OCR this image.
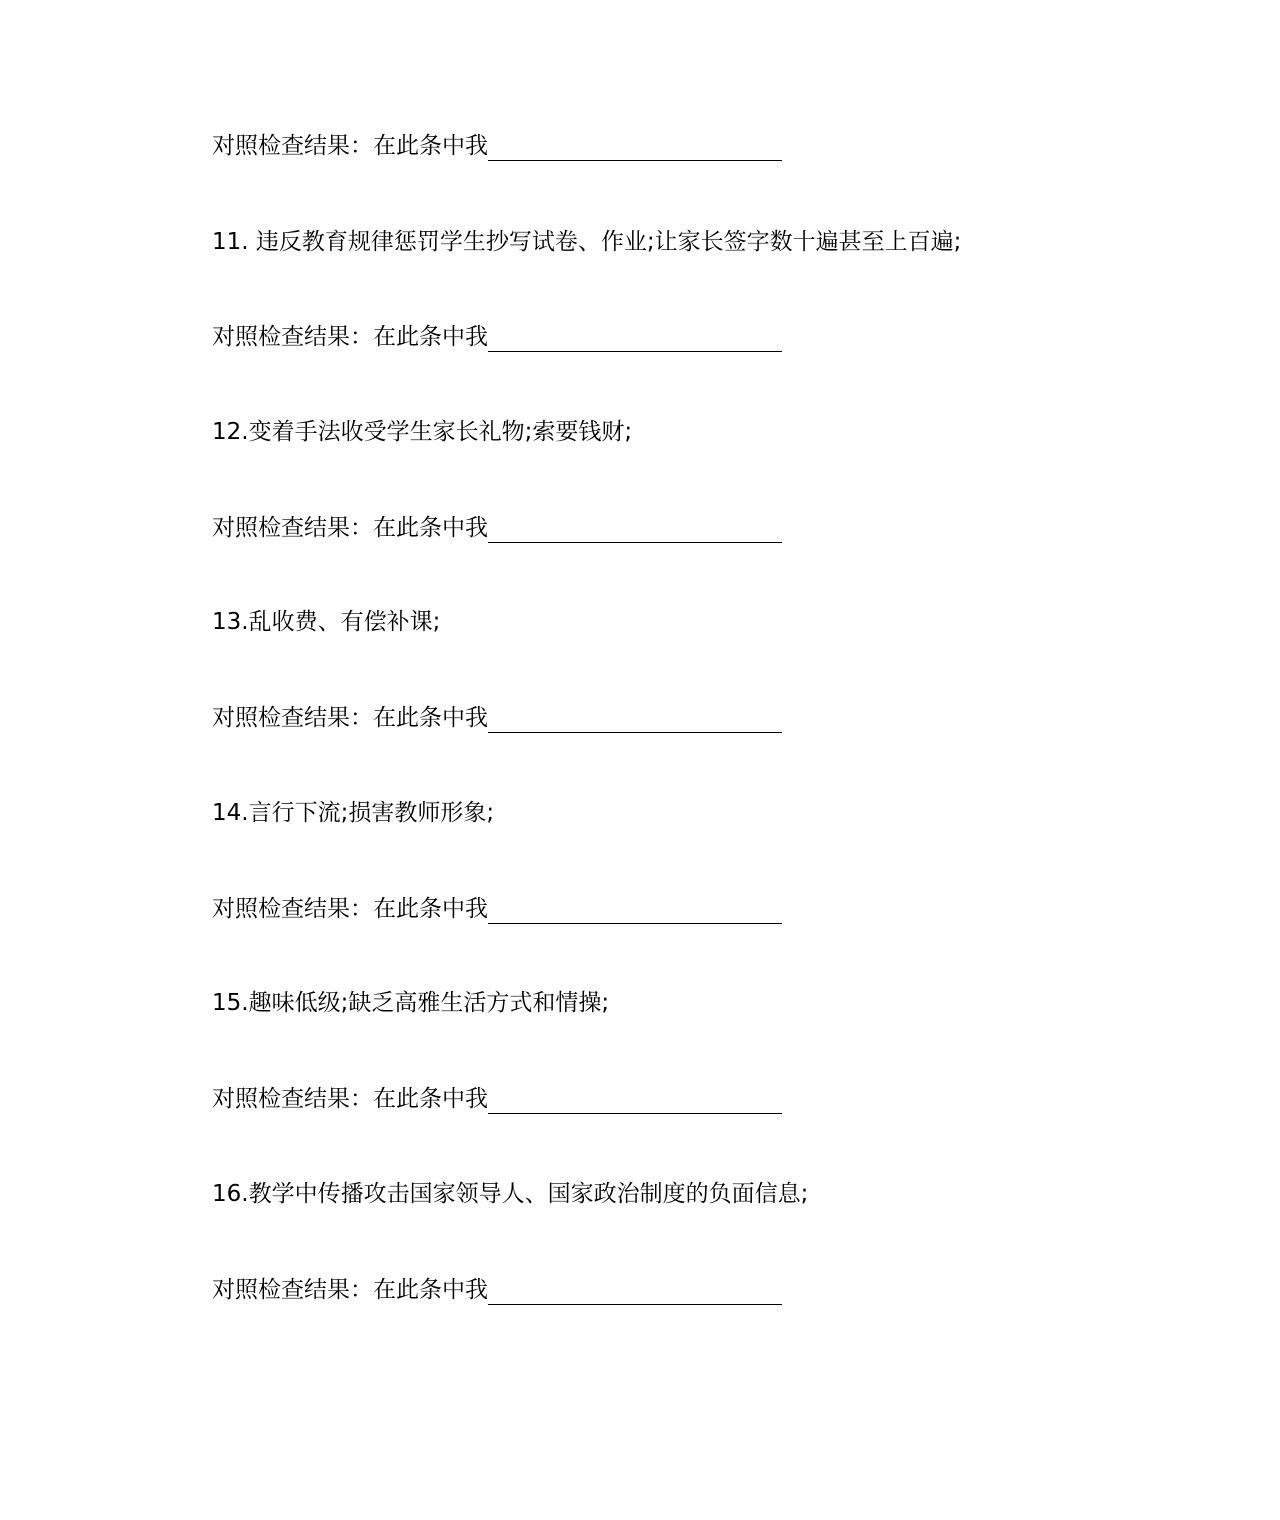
对照检查结果：在此条中我
11. 违反教育规律惩罚学生抄写试卷、作业;让家长签字数十遍甚至上百遍;
对照检查结果：在此条中我
12.变着手法收受学生家长礼物;索要钱财;
对照检查结果：在此条中我
13.乱收费、有偿补课;
对照检查结果：在此条中我
14.言行下流;损害教师形象;
对照检查结果：在此条中我
15.趣味低级;缺乏高雅生活方式和情操;
对照检查结果：在此条中我
16.教学中传播攻击国家领导人、国家政治制度的负面信息;
对照检查结果：在此条中我
